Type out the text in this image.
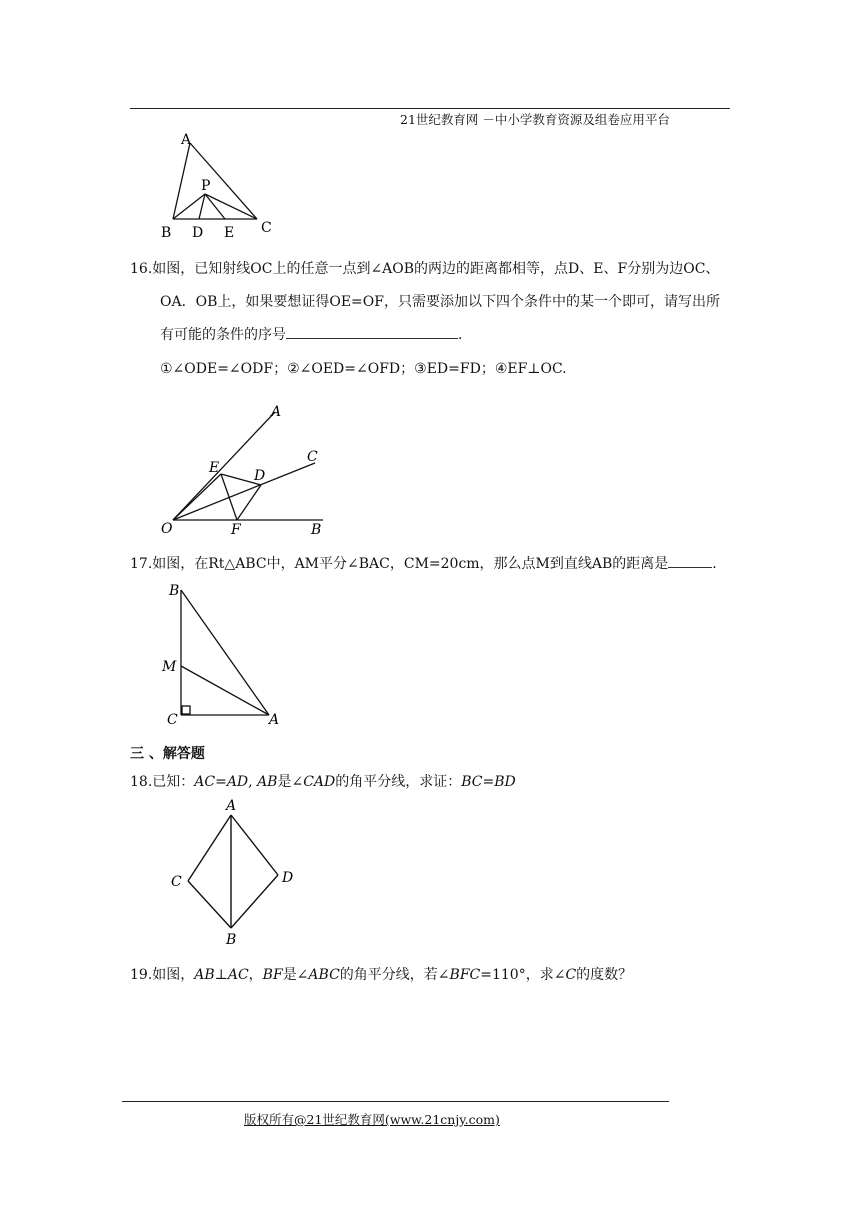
21世纪教育网 －中小学教育资源及组卷应用平台
A
P
B D E C
16.如图，已知射线OC上的任意一点到∠AOB的两边的距离都相等，点D、E、F分别为边OC、
OA．OB上，如果要想证得OE=OF，只需要添加以下四个条件中的某一个即可，请写出所
有可能的条件的序号	.
①∠ODE=∠ODF；②∠OED=∠OFD；③ED=FD；④EF⊥OC.
A
C
E D
O	F	B
17.如图，在Rt△ABC中，AM平分∠BAC，CM=20cm，那么点M到直线AB的距离是	.
B
M
C	A
三 、解答题
18.已知：AC=AD, AB是∠CAD的角平分线，求证：BC=BD
A
C	D
B
19.如图，AB⊥AC，BF是∠ABC的角平分线，若∠BFC=110°，求∠C的度数？
版权所有@21世纪教育网(www.21cnjy.com)
